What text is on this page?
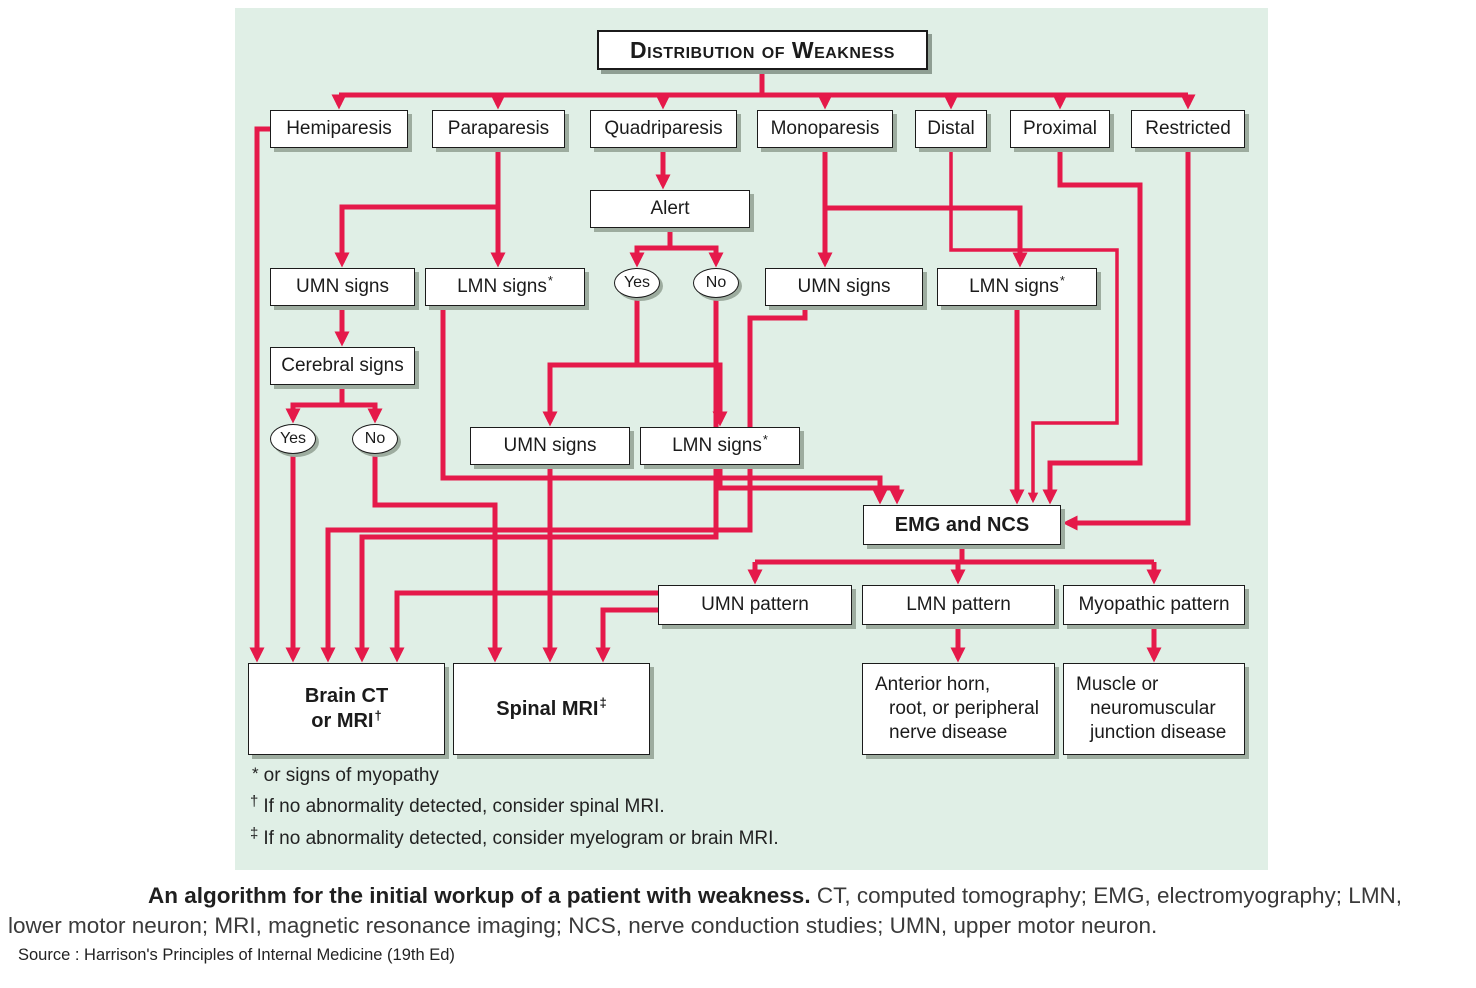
Distribution of Weakness
Hemiparesis	Paraparesis	Quadriparesis	Monoparesis	Distal	Proximal	Restricted
Alert
Yes	No
UMN signs	LMN signs *	UMN signs	LMN signs *
Cerebral signs
Yes	No	UMN signs	LMN signs *
EMG and NCS
UMN pattern	LMN pattern	Myopathic pattern
Brain CT
or MRI†	Spinal MRI ‡
Anterior horn,
root, or peripheral
nerve disease
Muscle or
neuromuscular
junction disease
* or signs of myopathy
† If no abnormality detected, consider spinal MRI.
‡ If no abnormality detected, consider myelogram or brain MRI.
An algorithm for the initial workup of a patient with weakness. CT, computed tomography; EMG, electromyography; LMN,
lower motor neuron; MRI, magnetic resonance imaging; NCS, nerve conduction studies; UMN, upper motor neuron.
Source : Harrison's Principles of Internal Medicine (19th Ed)
